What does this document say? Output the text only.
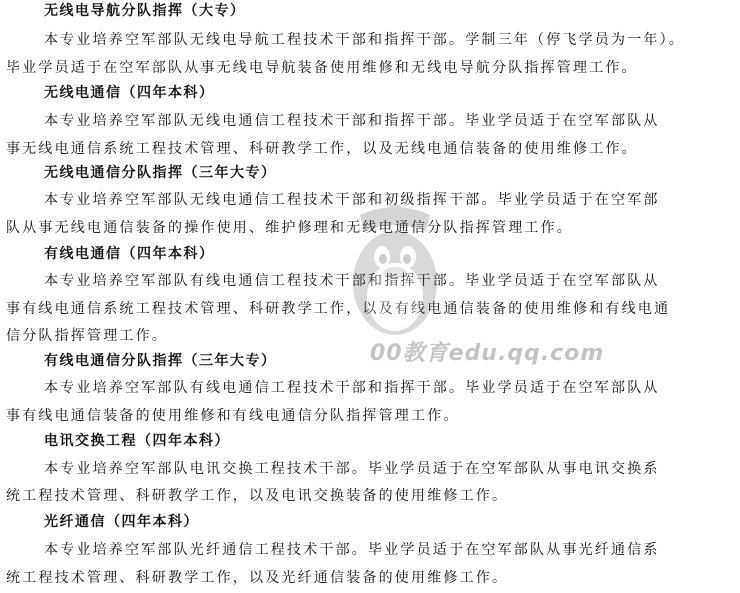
无线电导航分队指挥（大专）
本专业培养空军部队无线电导航工程技术干部和指挥干部。学制三年（停飞学员为一年）。
毕业学员适于在空军部队从事无线电导航装备使用维修和无线电导航分队指挥管理工作。
无线电通信（四年本科）
本专业培养空军部队无线电通信工程技术干部和指挥干部。毕业学员适于在空军部队从
事无线电通信系统工程技术管理、科研教学工作，以及无线电通信装备的使用维修工作。
无线电通信分队指挥（三年大专）
本专业培养空军部队无线电通信工程技术干部和初级指挥干部。毕业学员适于在空军部
队从事无线电通信装备的操作使用、维护修理和无线电通信分队指挥管理工作。
有线电通信（四年本科）
本专业培养空军部队有线电通信工程技术干部和指挥干部。毕业学员适于在空军部队从
事有线电通信系统工程技术管理、科研教学工作，以及有线电通信装备的使用维修和有线电通
信分队指挥管理工作。
有线电通信分队指挥（三年大专）
本专业培养空军部队有线电通信工程技术干部和指挥干部。毕业学员适于在空军部队从
事有线电通信装备的使用维修和有线电通信分队指挥管理工作。
电讯交换工程（四年本科）
本专业培养空军部队电讯交换工程技术干部。毕业学员适于在空军部队从事电讯交换系
统工程技术管理、科研教学工作，以及电讯交换装备的使用维修工作。
光纤通信（四年本科）
本专业培养空军部队光纤通信工程技术干部。毕业学员适于在空军部队从事光纤通信系
统工程技术管理、科研教学工作，以及光纤通信装备的使用维修工作。
00教育edu.qq.com
